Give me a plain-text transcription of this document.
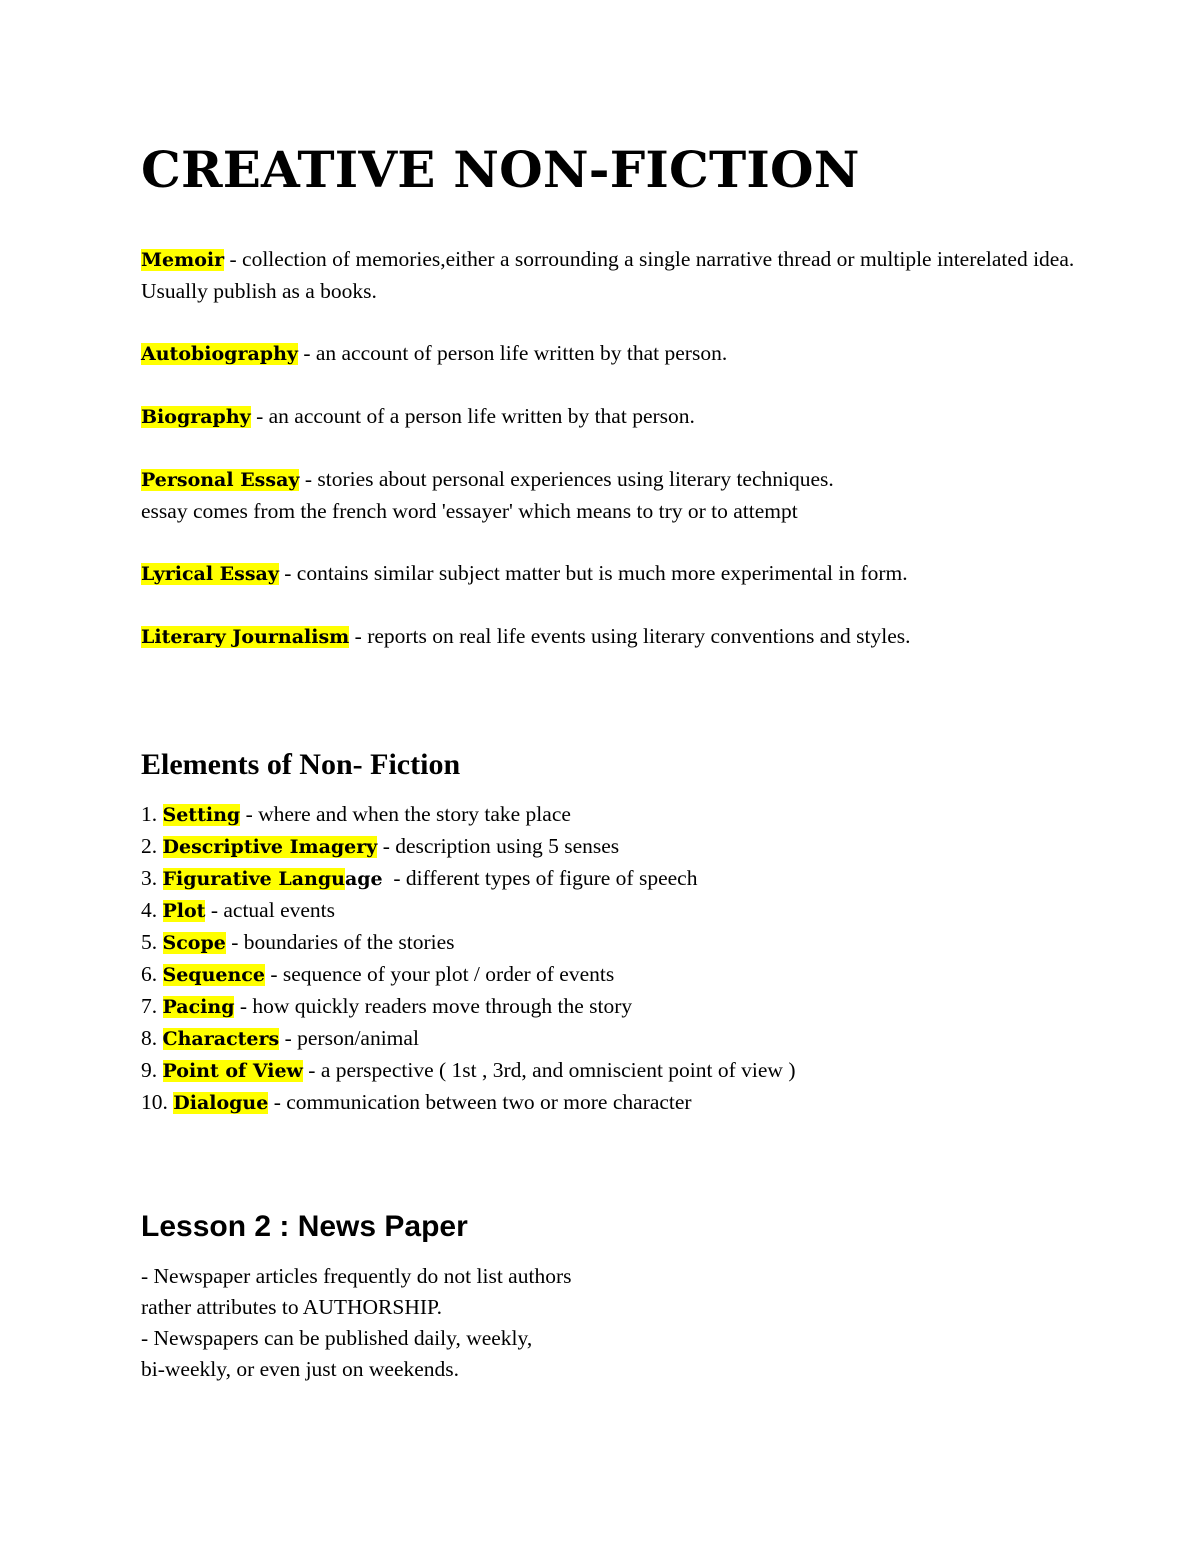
CREATIVE NON-FICTION

Memoir - collection of memories,either a sorrounding a single narrative thread or multiple interelated idea. Usually publish as a books.

Autobiography - an account of person life written by that person.

Biography - an account of a person life written by that person.

Personal Essay - stories about personal experiences using literary techniques.
essay comes from the french word 'essayer' which means to try or to attempt

Lyrical Essay - contains similar subject matter but is much more experimental in form.

Literary Journalism - reports on real life events using literary conventions and styles.

Elements of Non- Fiction
1. Setting - where and when the story take place
2. Descriptive Imagery - description using 5 senses
3. Figurative Language  - different types of figure of speech
4. Plot - actual events
5. Scope - boundaries of the stories
6. Sequence - sequence of your plot / order of events
7. Pacing - how quickly readers move through the story
8. Characters - person/animal
9. Point of View - a perspective ( 1st , 3rd, and omniscient point of view )
10. Dialogue - communication between two or more character
Lesson 2 : News Paper

- Newspaper articles frequently do not list authors

rather attributes to AUTHORSHIP.

- Newspapers can be published daily, weekly,

bi-weekly, or even just on weekends.
